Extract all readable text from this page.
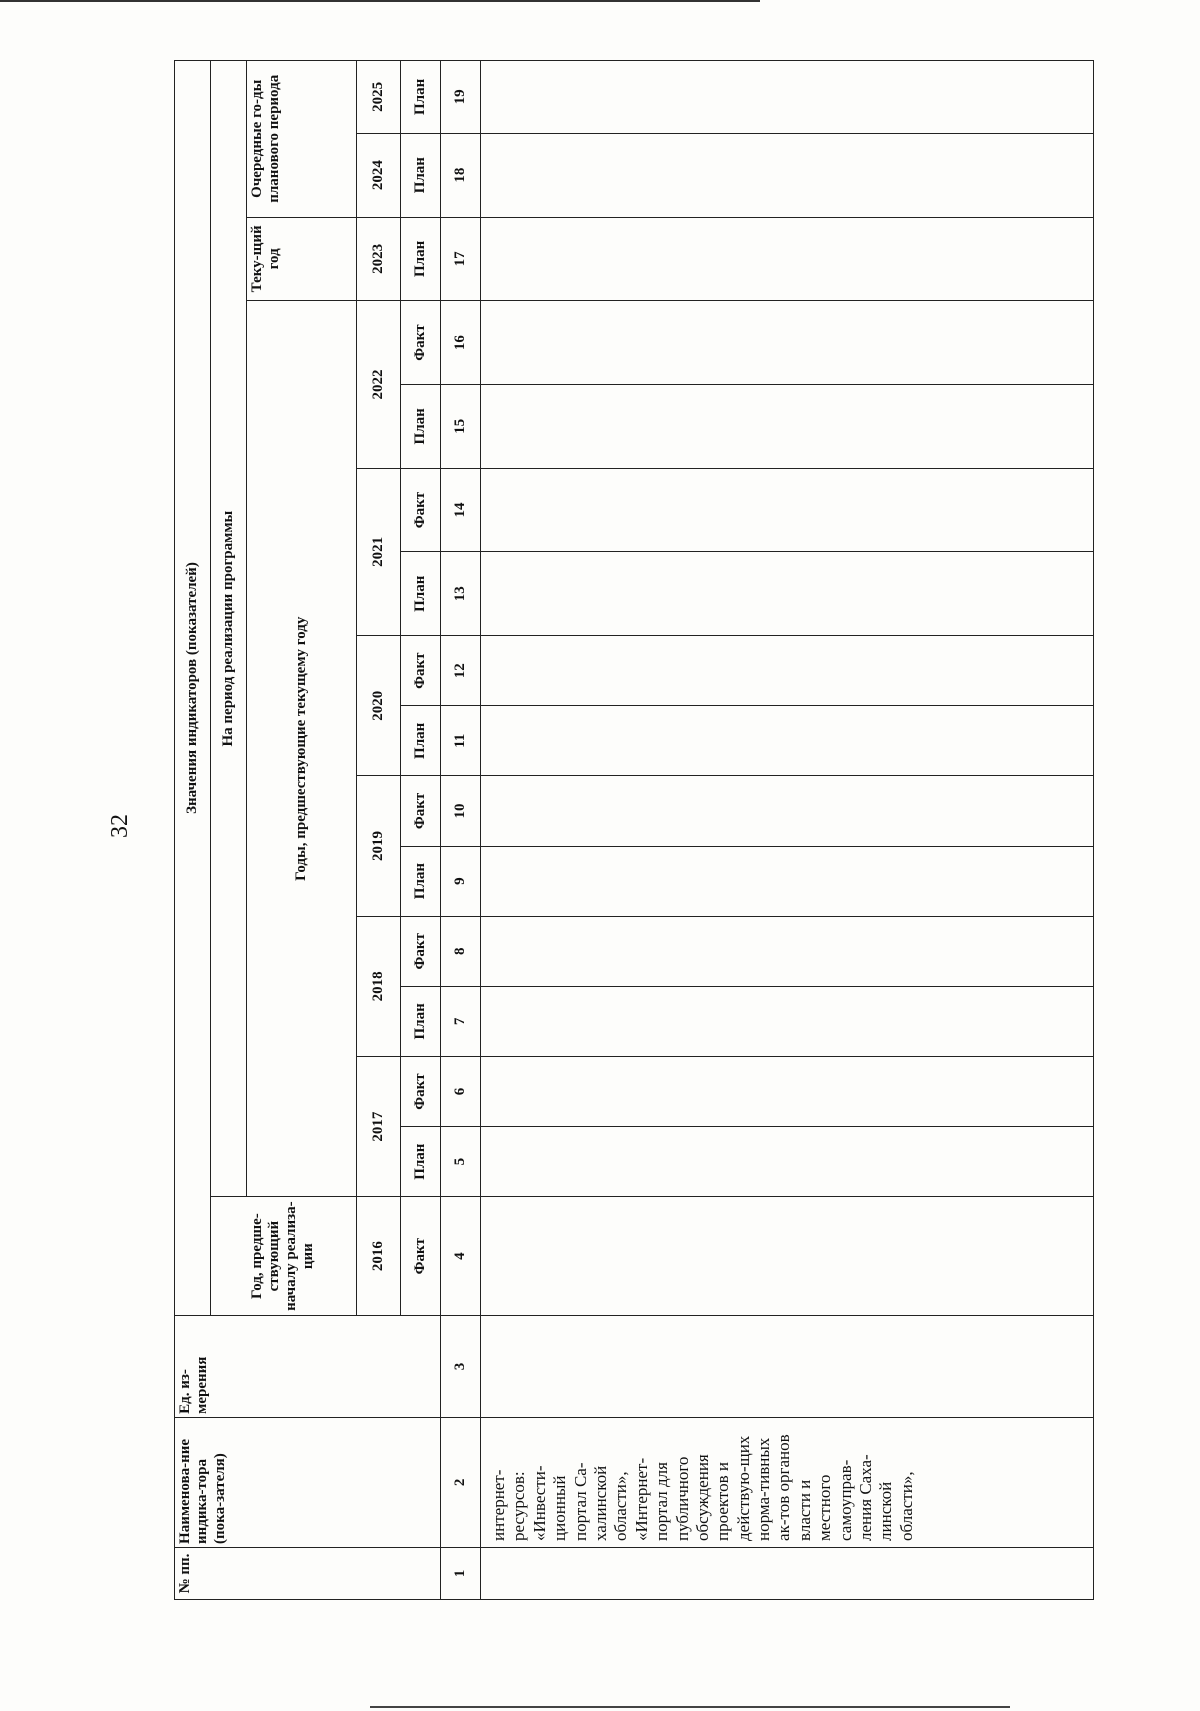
32
№ пп.	Наименова-ние индика-тора (пока-зателя)	Ед. из-мерения	Значения индикаторов (показателей)															
				На период реализации программы														
			Год, предше-ствующий началу реализа-ции	Годы, предшествующие текущему году												Теку-щий год	Очередные го-ды планового периода	
			2016	2017		2018		2019		2020		2021		2022		2023	2024	2025
			Факт	План	Факт	План	Факт	План	Факт	План	Факт	План	Факт	План	Факт	План	План	План
1	2	3	4	5	6	7	8	9	10	11	12	13	14	15	16	17	18	19
	интернет-ресурсов: «Инвести-ционный портал Са-халинской области», «Интернет-портал для публичного обсуждения проектов и действую-щих норма-тивных ак-тов органов власти и местного самоуправ-ления Саха-линской области»,																	
